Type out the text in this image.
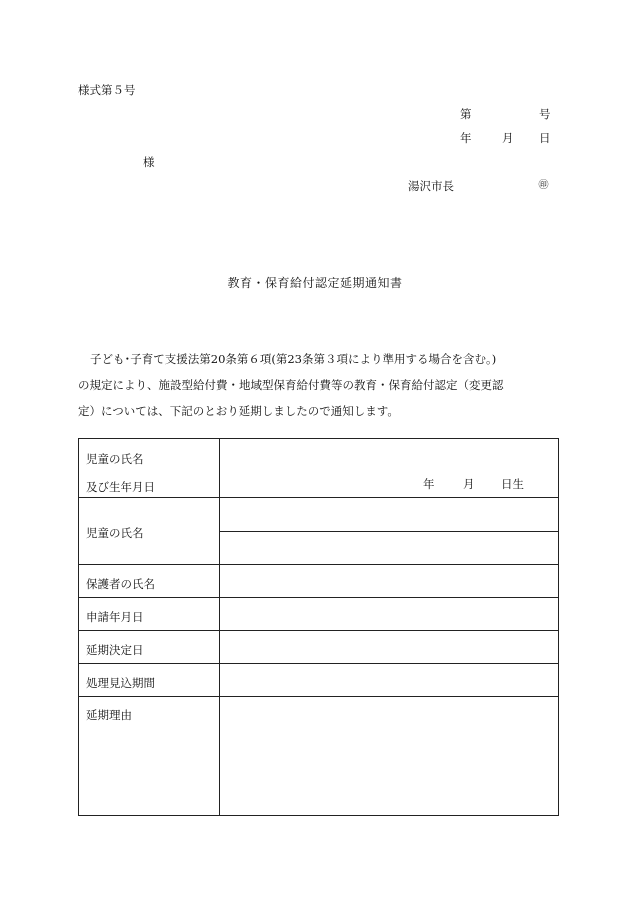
様式第５号
第	号
年	月 日
様
湯沢市長	㊞
教育・保育給付認定延期通知書

子ども･子育て支援法第20条第６項(第23条第３項により準用する場合を含む｡)

の規定により、施設型給付費・地域型保育給付費等の教育・保育給付認定（変更認

定）については、下記のとおり延期しましたので通知します。

児童の氏名
及び生年月日	年 月 日生
児童の氏名
保護者の氏名
申請年月日
延期決定日
処理見込期間
延期理由
